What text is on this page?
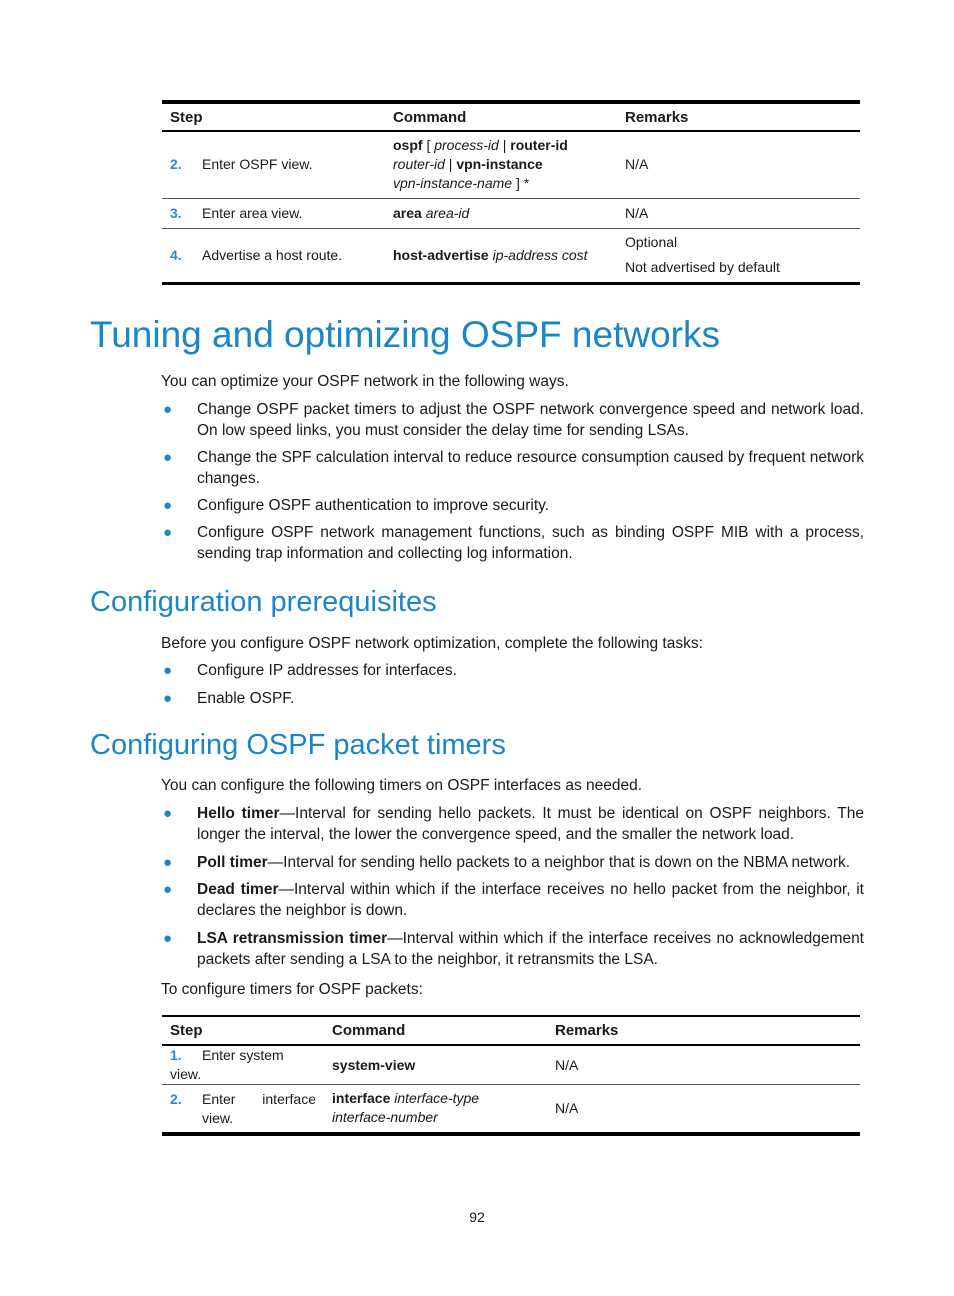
Step	Command	Remarks
2. Enter OSPF view.	ospf [ process-id | router-id
router-id | vpn-instance
vpn-instance-name ] *	N/A
3. Enter area view.	area area-id	N/A
4. Advertise a host route.	host-advertise ip-address cost	Optional
Not advertised by default
Tuning and optimizing OSPF networks
You can optimize your OSPF network in the following ways.
● Change OSPF packet timers to adjust the OSPF network convergence speed and network load. On low speed links, you must consider the delay time for sending LSAs.
● Change the SPF calculation interval to reduce resource consumption caused by frequent network changes.
● Configure OSPF authentication to improve security.
● Configure OSPF network management functions, such as binding OSPF MIB with a process, sending trap information and collecting log information.
Configuration prerequisites
Before you configure OSPF network optimization, complete the following tasks:
● Configure IP addresses for interfaces.
● Enable OSPF.
Configuring OSPF packet timers
You can configure the following timers on OSPF interfaces as needed.
● Hello timer—Interval for sending hello packets. It must be identical on OSPF neighbors. The longer the interval, the lower the convergence speed, and the smaller the network load.
● Poll timer—Interval for sending hello packets to a neighbor that is down on the NBMA network.
● Dead timer—Interval within which if the interface receives no hello packet from the neighbor, it declares the neighbor is down.
● LSA retransmission timer—Interval within which if the interface receives no acknowledgement packets after sending a LSA to the neighbor, it retransmits the LSA.
To configure timers for OSPF packets:
Step	Command	Remarks
1. Enter system view.	system-view	N/A

2. Enter interface view.	interface interface-type
interface-number	N/A
92
